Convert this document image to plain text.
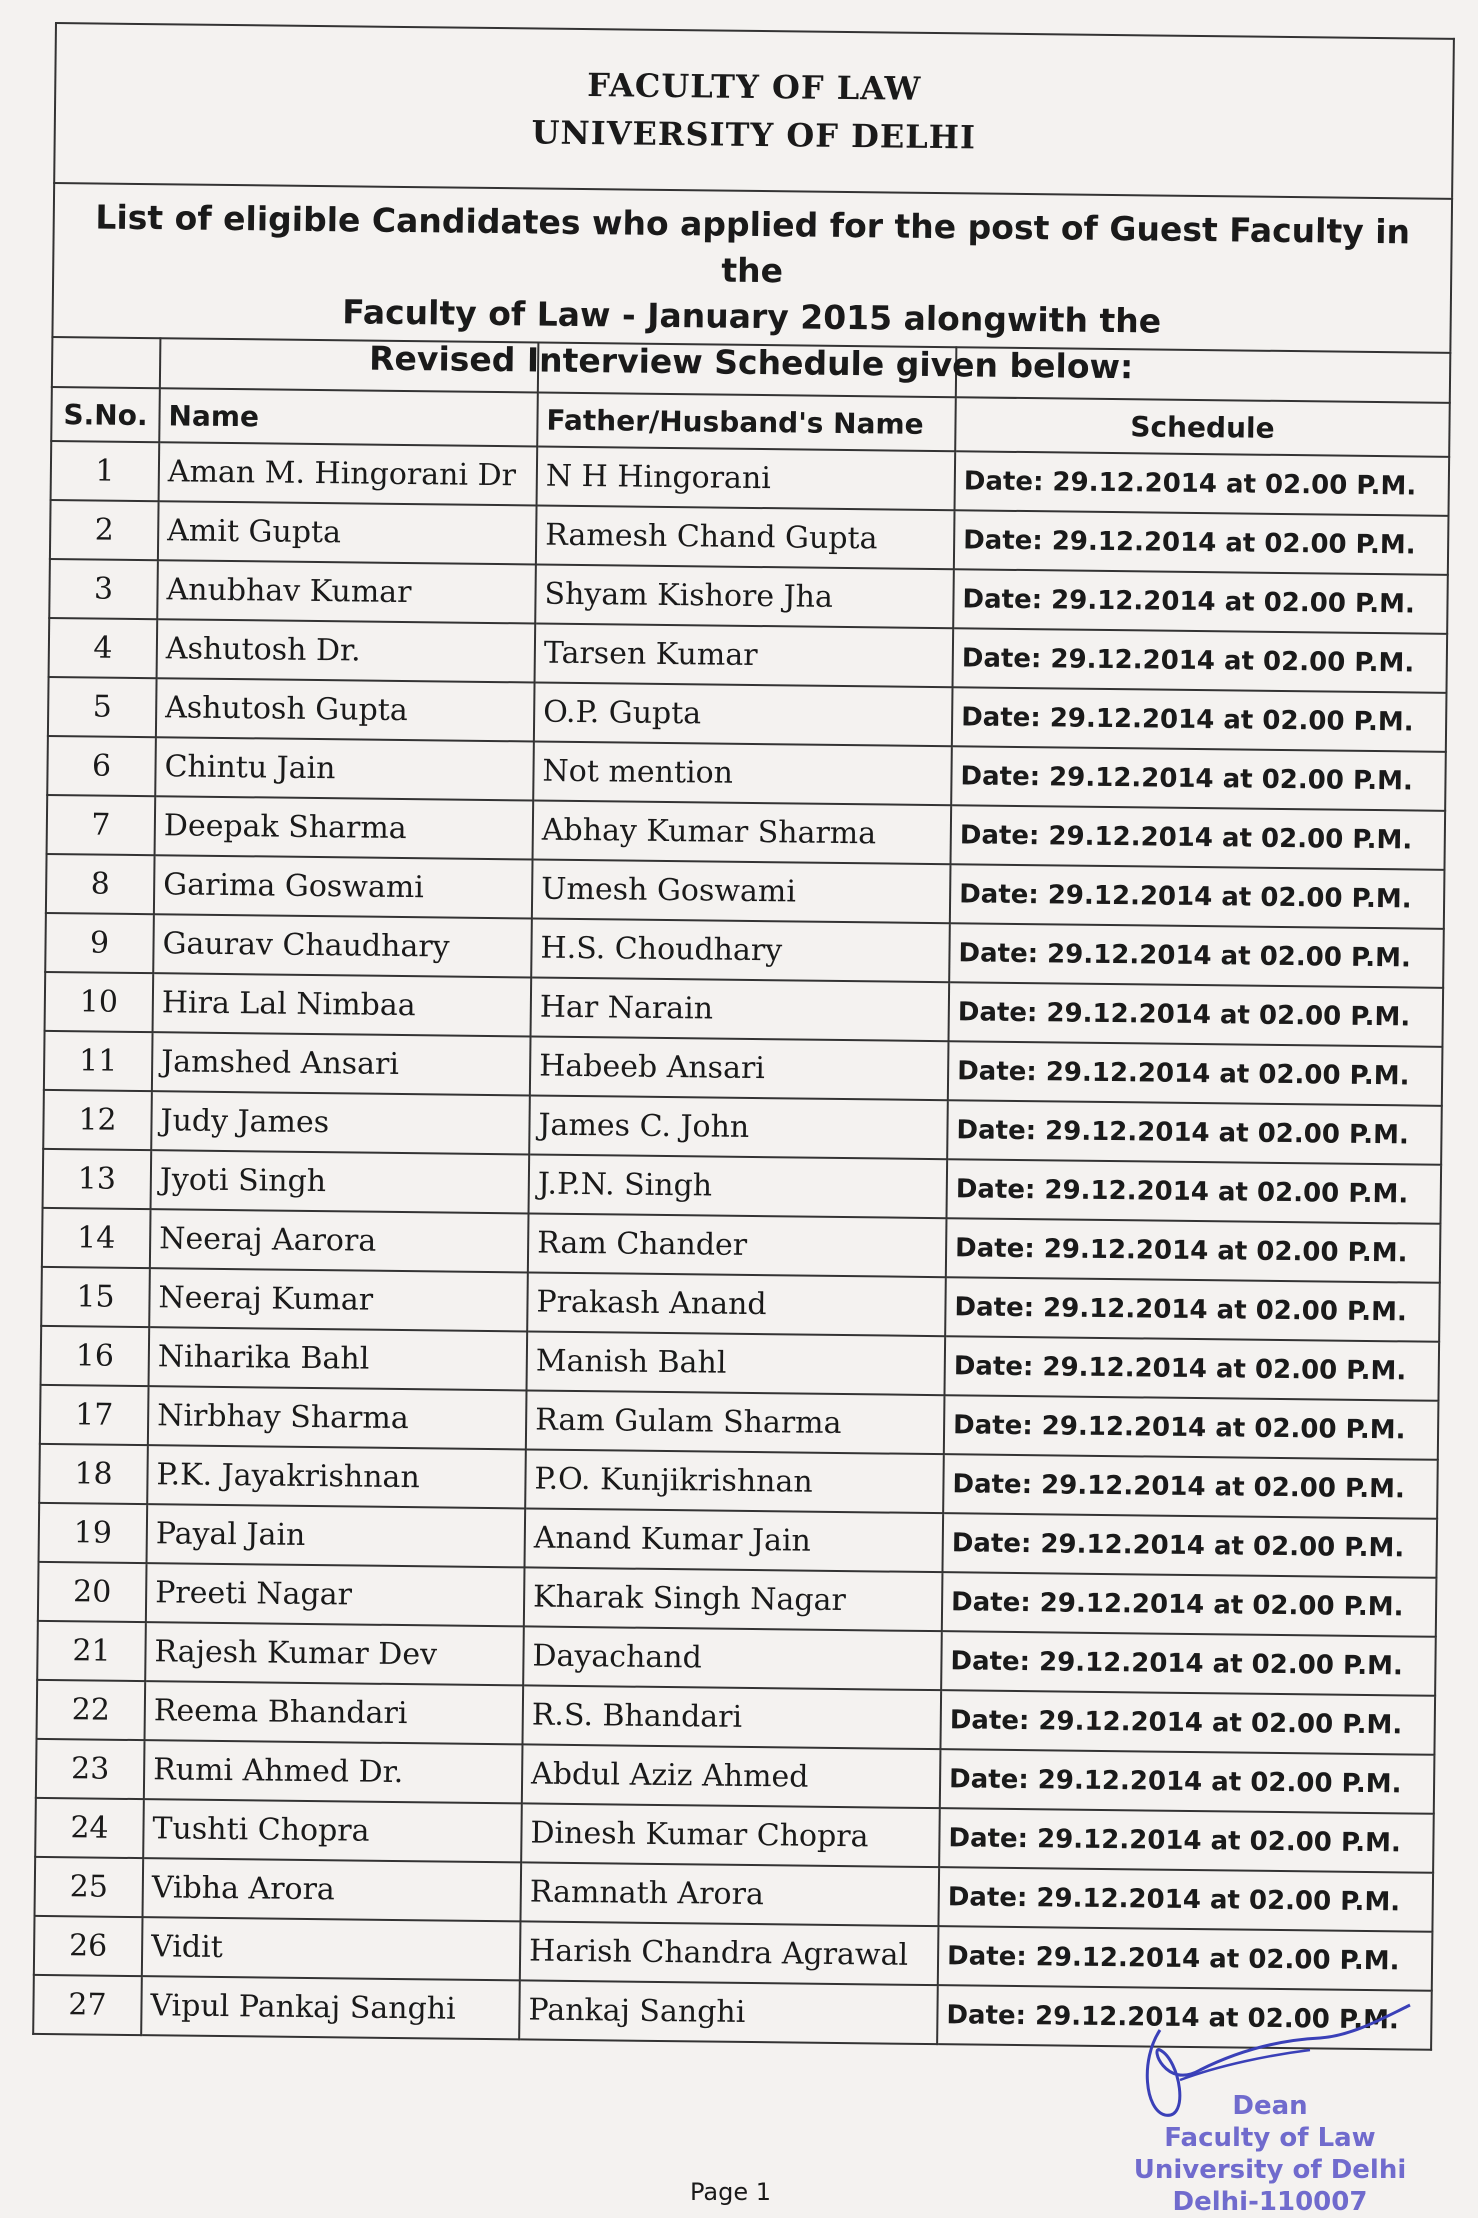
FACULTY OF LAW
UNIVERSITY OF DELHI
List of eligible Candidates who applied for the post of Guest Faculty in the
Faculty of Law - January 2015 alongwith the
Revised Interview Schedule given below:

S.No.	Name	Father/Husband's Name	Schedule
1	Aman M. Hingorani Dr	N H Hingorani	Date: 29.12.2014 at 02.00 P.M.
2	Amit Gupta	Ramesh Chand Gupta	Date: 29.12.2014 at 02.00 P.M.
3	Anubhav Kumar	Shyam Kishore Jha	Date: 29.12.2014 at 02.00 P.M.
4	Ashutosh Dr.	Tarsen Kumar	Date: 29.12.2014 at 02.00 P.M.
5	Ashutosh Gupta	O.P. Gupta	Date: 29.12.2014 at 02.00 P.M.
6	Chintu Jain	Not mention	Date: 29.12.2014 at 02.00 P.M.
7	Deepak Sharma	Abhay Kumar Sharma	Date: 29.12.2014 at 02.00 P.M.
8	Garima Goswami	Umesh Goswami	Date: 29.12.2014 at 02.00 P.M.
9	Gaurav Chaudhary	H.S. Choudhary	Date: 29.12.2014 at 02.00 P.M.
10	Hira Lal Nimbaa	Har Narain	Date: 29.12.2014 at 02.00 P.M.
11	Jamshed Ansari	Habeeb Ansari	Date: 29.12.2014 at 02.00 P.M.
12	Judy James	James C. John	Date: 29.12.2014 at 02.00 P.M.
13	Jyoti Singh	J.P.N. Singh	Date: 29.12.2014 at 02.00 P.M.
14	Neeraj Aarora	Ram Chander	Date: 29.12.2014 at 02.00 P.M.
15	Neeraj Kumar	Prakash Anand	Date: 29.12.2014 at 02.00 P.M.
16	Niharika Bahl	Manish Bahl	Date: 29.12.2014 at 02.00 P.M.
17	Nirbhay Sharma	Ram Gulam Sharma	Date: 29.12.2014 at 02.00 P.M.
18	P.K. Jayakrishnan	P.O. Kunjikrishnan	Date: 29.12.2014 at 02.00 P.M.
19	Payal Jain	Anand Kumar Jain	Date: 29.12.2014 at 02.00 P.M.
20	Preeti Nagar	Kharak Singh Nagar	Date: 29.12.2014 at 02.00 P.M.
21	Rajesh Kumar Dev	Dayachand	Date: 29.12.2014 at 02.00 P.M.
22	Reema Bhandari	R.S. Bhandari	Date: 29.12.2014 at 02.00 P.M.
23	Rumi Ahmed Dr.	Abdul Aziz Ahmed	Date: 29.12.2014 at 02.00 P.M.
24	Tushti Chopra	Dinesh Kumar Chopra	Date: 29.12.2014 at 02.00 P.M.
25	Vibha Arora	Ramnath Arora	Date: 29.12.2014 at 02.00 P.M.
26	Vidit	Harish Chandra Agrawal	Date: 29.12.2014 at 02.00 P.M.
27	Vipul Pankaj Sanghi	Pankaj Sanghi	Date: 29.12.2014 at 02.00 P.M.
Dean
Faculty of Law
University of Delhi
Delhi-110007
Page 1
